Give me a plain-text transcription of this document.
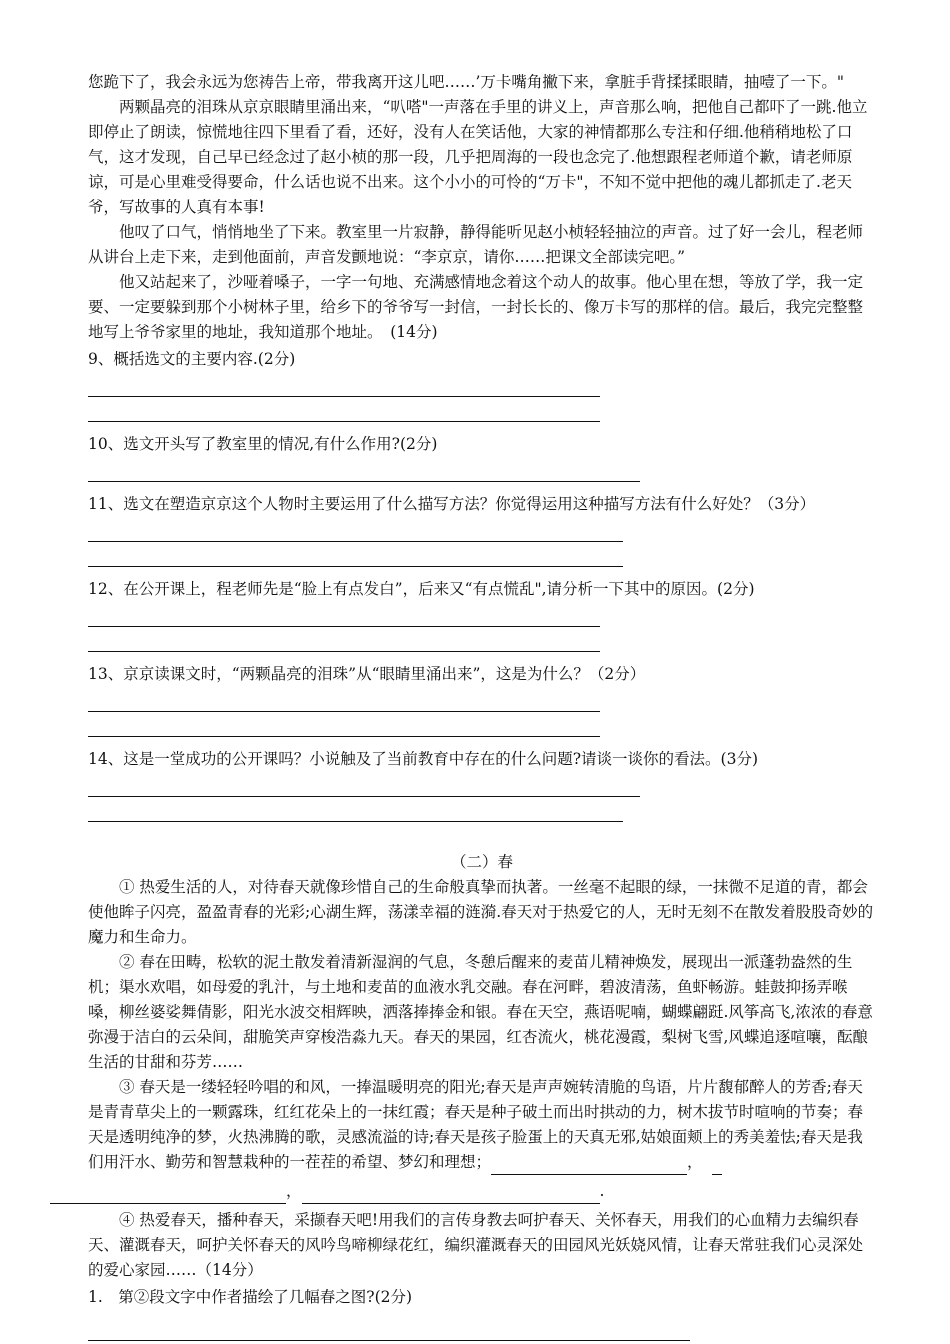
您跪下了，我会永远为您祷告上帝，带我离开这儿吧……’万卡嘴角撇下来，拿脏手背揉揉眼睛，抽噎了一下。"

两颗晶亮的泪珠从京京眼睛里涌出来，“叭嗒"一声落在手里的讲义上，声音那么响，把他自己都吓了一跳.他立即停止了朗读，惊慌地往四下里看了看，还好，没有人在笑话他，大家的神情都那么专注和仔细.他稍稍地松了口气，这才发现，自己早已经念过了赵小桢的那一段，几乎把周海的一段也念完了.他想跟程老师道个歉，请老师原谅，可是心里难受得要命，什么话也说不出来。这个小小的可怜的“万卡"，不知不觉中把他的魂儿都抓走了.老天爷，写故事的人真有本事!

他叹了口气，悄悄地坐了下来。教室里一片寂静，静得能听见赵小桢轻轻抽泣的声音。过了好一会儿，程老师从讲台上走下来，走到他面前，声音发颤地说：“李京京，请你……把课文全部读完吧。”

他又站起来了，沙哑着嗓子，一字一句地、充满感情地念着这个动人的故事。他心里在想，等放了学，我一定要、一定要躲到那个小树林子里，给乡下的爷爷写一封信，一封长长的、像万卡写的那样的信。最后，我完完整整地写上爷爷家里的地址，我知道那个地址。　(14分)

9、概括选文的主要内容.(2分)

10、选文开头写了教室里的情况,有什么作用?(2分)

11、选文在塑造京京这个人物时主要运用了什么描写方法？你觉得运用这种描写方法有什么好处？（3分）

12、在公开课上，程老师先是“脸上有点发白”，后来又“有点慌乱",请分析一下其中的原因。(2分)

13、京京读课文时，“两颗晶亮的泪珠”从“眼睛里涌出来”，这是为什么？（2分）

14、这是一堂成功的公开课吗？小说触及了当前教育中存在的什么问题?请谈一谈你的看法。(3分)

（二）春

① 热爱生活的人，对待春天就像珍惜自己的生命般真挚而执著。一丝毫不起眼的绿，一抹微不足道的青，都会使他眸子闪亮，盈盈青春的光彩;心湖生辉，荡漾幸福的涟漪.春天对于热爱它的人，无时无刻不在散发着股股奇妙的魔力和生命力。

② 春在田畴，松软的泥土散发着清新湿润的气息，冬憩后醒来的麦苗儿精神焕发，展现出一派蓬勃盎然的生机；渠水欢唱，如母爱的乳汁，与土地和麦苗的血液水乳交融。春在河畔，碧波清荡，鱼虾畅游。蛙鼓抑扬弄喉嗓，柳丝婆娑舞倩影，阳光水波交相辉映，洒落捧捧金和银。春在天空，燕语呢喃，蝴蝶翩跹.风筝高飞,浓浓的春意弥漫于洁白的云朵间，甜脆笑声穿梭浩淼九天。春天的果园，红杏流火，桃花漫霞，梨树飞雪,风蝶追逐喧嚷，酝酿生活的甘甜和芬芳……

③ 春天是一缕轻轻吟唱的和风，一捧温暖明亮的阳光;春天是声声婉转清脆的鸟语，片片馥郁醉人的芳香;春天是青青草尖上的一颗露珠，红红花朵上的一抹红霞；春天是种子破土而出时拱动的力，树木拔节时喧响的节奏；春天是透明纯净的梦，火热沸腾的歌，灵感流溢的诗;春天是孩子脸蛋上的天真无邪,姑娘面颊上的秀美羞怯;春天是我们用汗水、勤劳和智慧栽种的一茬茬的希望、梦幻和理想；	，

，	.

④ 热爱春天，播种春天，采撷春天吧!用我们的言传身教去呵护春天、关怀春天，用我们的心血精力去编织春天、灌溉春天，呵护关怀春天的风吟鸟啼柳绿花红，编织灌溉春天的田园风光妖娆风情，让春天常驻我们心灵深处的爱心家园……（14分）

1.　第②段文字中作者描绘了几幅春之图?(2分)
